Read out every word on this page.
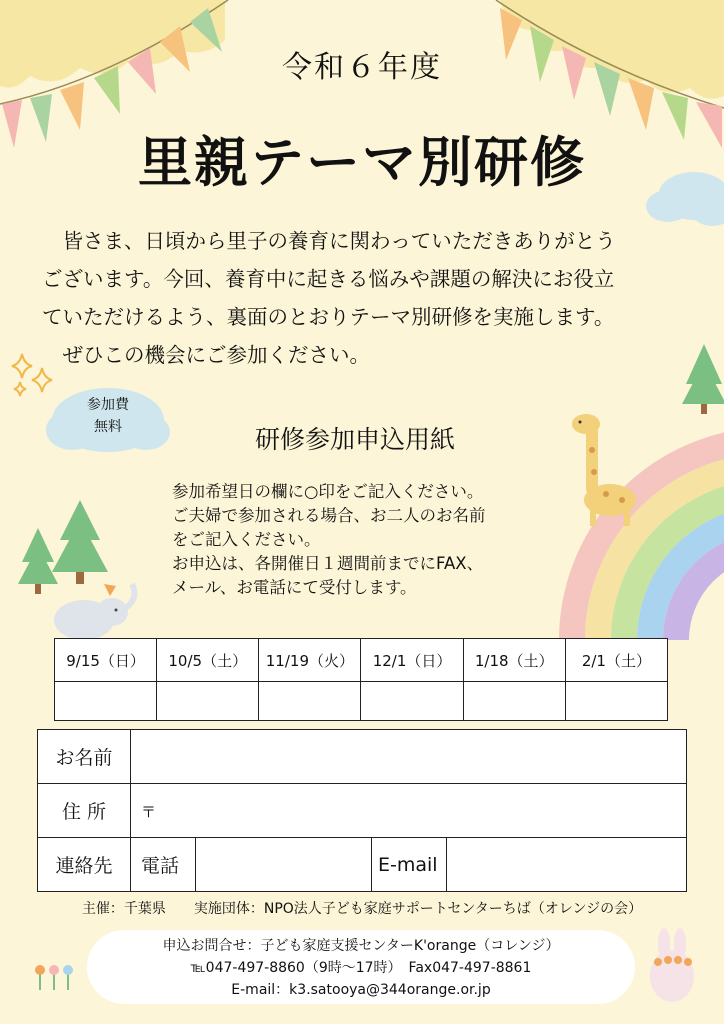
令和６年度
里親テーマ別研修

　皆さま、日頃から里子の養育に関わっていただきありがとう

ございます。今回、養育中に起きる悩みや課題の解決にお役立

ていただけるよう、裏面のとおりテーマ別研修を実施します。

　ぜひこの機会にご参加ください。

参加費
無料	研修参加申込用紙

参加希望日の欄に○印をご記入ください。

ご夫婦で参加される場合、お二人のお名前

をご記入ください。

お申込は、各開催日１週間前までにFAX、

メール、お電話にて受付します。

9/15（日）	10/5（土）	11/19（火）	12/1（日）	1/18（土）	2/1（土）

お名前			
住 所	〒		
連絡先	電話		E-mail
主催：千葉県　　実施団体：NPO法人子ども家庭サポートセンターちば（オレンジの会）

申込お問合せ：子ども家庭支援センターK'orange（コレンジ）

℡047-497-8860（9時～17時）　Fax047-497-8861

E-mail：k3.satooya@344orange.or.jp
